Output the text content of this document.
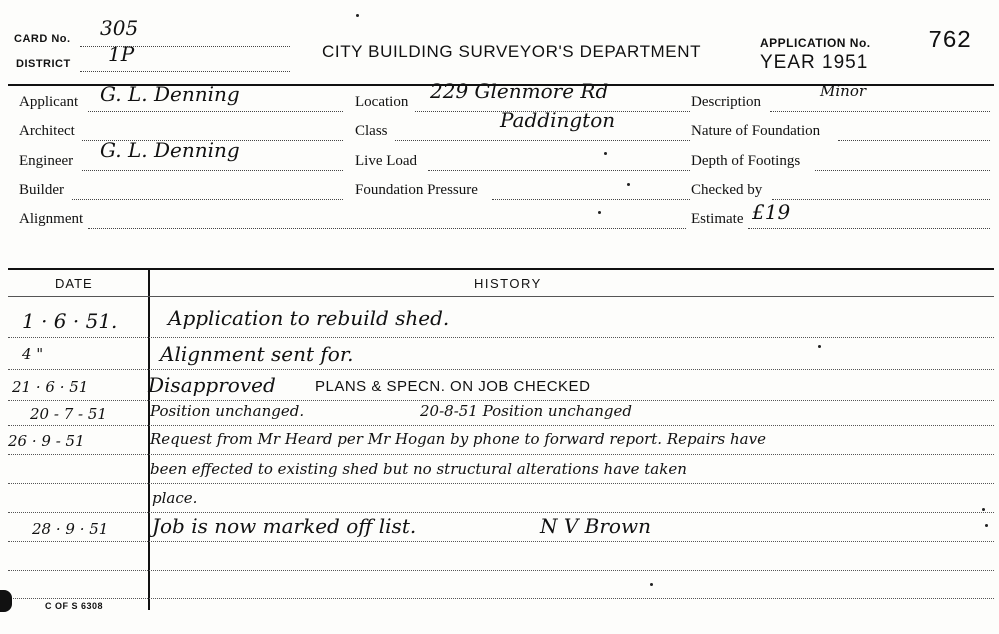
CARD No. 305
DISTRICT 1P	CITY BUILDING SURVEYOR'S DEPARTMENT	APPLICATION No. 762
YEAR 1951
Applicant G. L. Denning
Architect
Engineer G. L. Denning
Builder
Alignment
Location 229 Glenmore Rd
Paddington
Class
Live Load
Foundation Pressure
Description
Minor
Nature of Foundation
Depth of Footings
Checked by
Estimate £19
DATE	HISTORY
1 · 6 · 51.	Application to rebuild shed.
4 "	Alignment sent for.
21 · 6 · 51	Disapproved	PLANS & SPECN. ON JOB CHECKED
20 - 7 - 51	Position unchanged.	20-8-51 Position unchanged
26 · 9 - 51	Request from Mr Heard per Mr Hogan by phone to forward report. Repairs have
been effected to existing shed but no structural alterations have taken
place.
28 · 9 · 51 Job is now marked off list.	N V Brown
C OF S 6308
